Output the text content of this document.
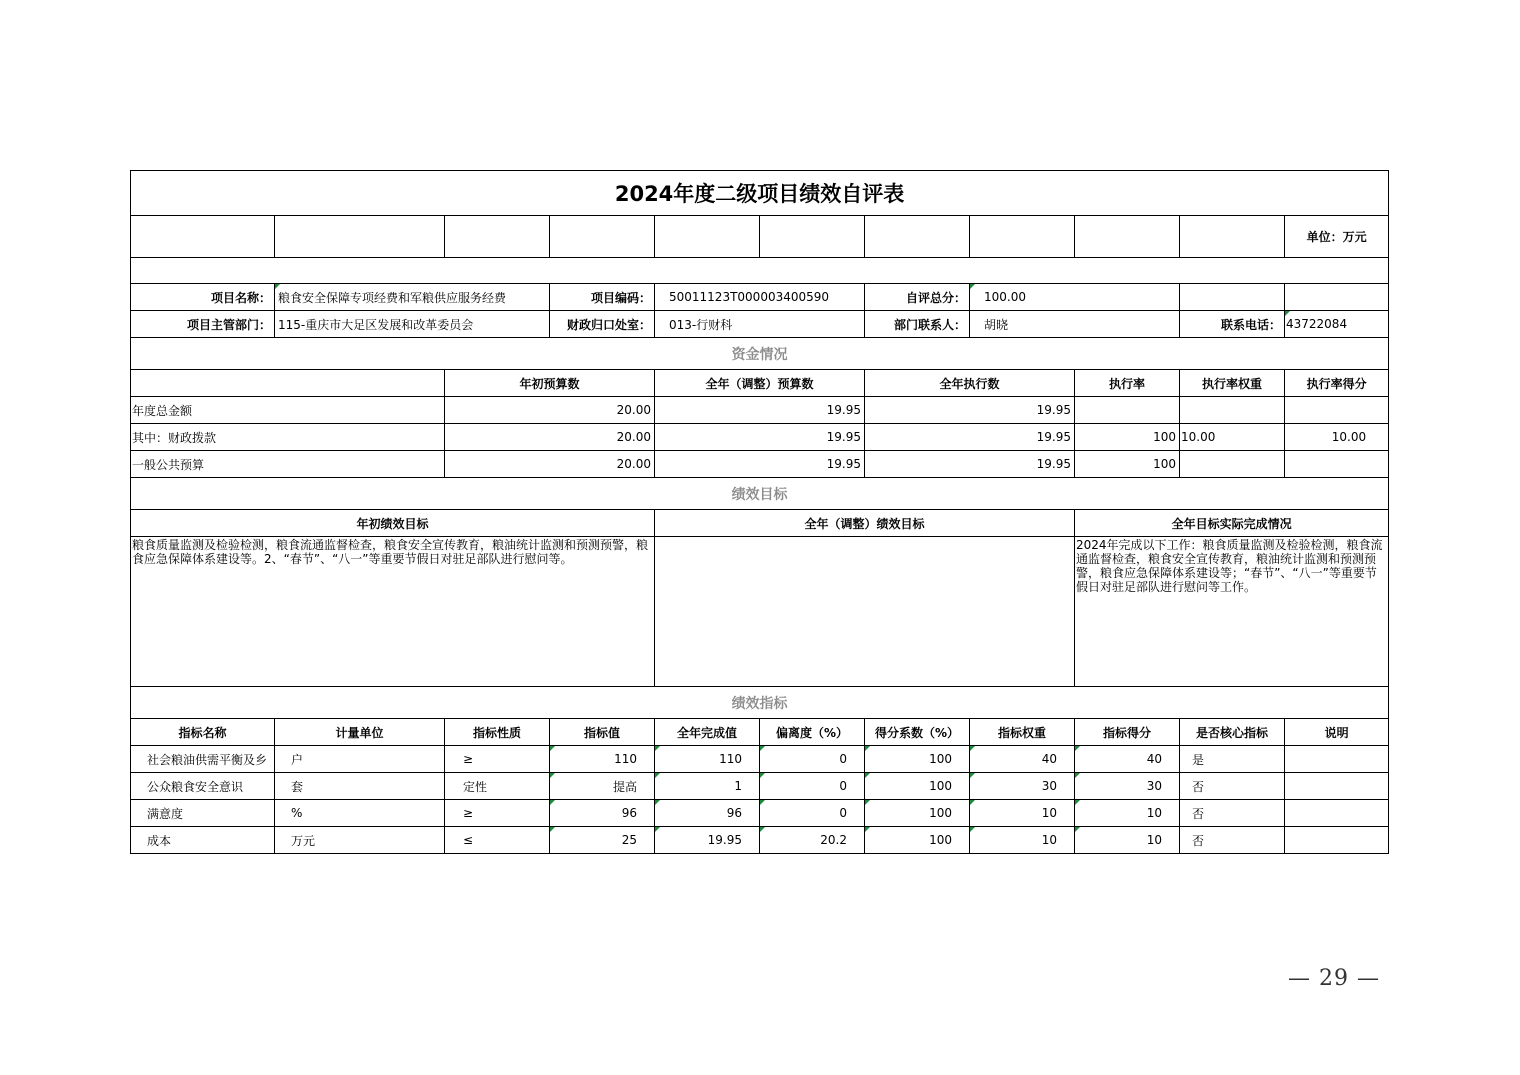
2024年度二级项目绩效自评表										
										单位：万元

项目名称：	粮食安全保障专项经费和军粮供应服务经费		项目编码：	50011123T000003400590		自评总分：	100.00			
项目主管部门：	115-重庆市大足区发展和改革委员会		财政归口处室：	013-行财科		部门联系人：	胡晓		联系电话：	43722084
资金情况										
		年初预算数		全年（调整）预算数		全年执行数		执行率	执行率权重	执行率得分
年度总金额		20.00		19.95		19.95				
其中：财政拨款		20.00		19.95		19.95		100	10.00	10.00
一般公共预算		20.00		19.95		19.95		100		
绩效目标										
年初绩效目标				全年（调整）绩效目标				全年目标实际完成情况		
粮食质量监测及检验检测，粮食流通监督检查，粮食安全宣传教育，粮油统计监测和预测预警，粮食应急保障体系建设等。2、“春节”、“八一”等重要节假日对驻足部队进行慰问等。								2024年完成以下工作：粮食质量监测及检验检测，粮食流通监督检查，粮食安全宣传教育，粮油统计监测和预测预警，粮食应急保障体系建设等；“春节”、“八一”等重要节假日对驻足部队进行慰问等工作。		
绩效指标										
指标名称	计量单位	指标性质	指标值	全年完成值	偏离度（%）	得分系数（%）	指标权重	指标得分	是否核心指标	说明
社会粮油供需平衡及乡	户	≥	110	110	0	100	40	40	是	
公众粮食安全意识	套	定性	提高	1	0	100	30	30	否	
满意度	%	≥	96	96	0	100	10	10	否	
成本	万元	≤	25	19.95	20.2	100	10	10	否	
— 29 —
